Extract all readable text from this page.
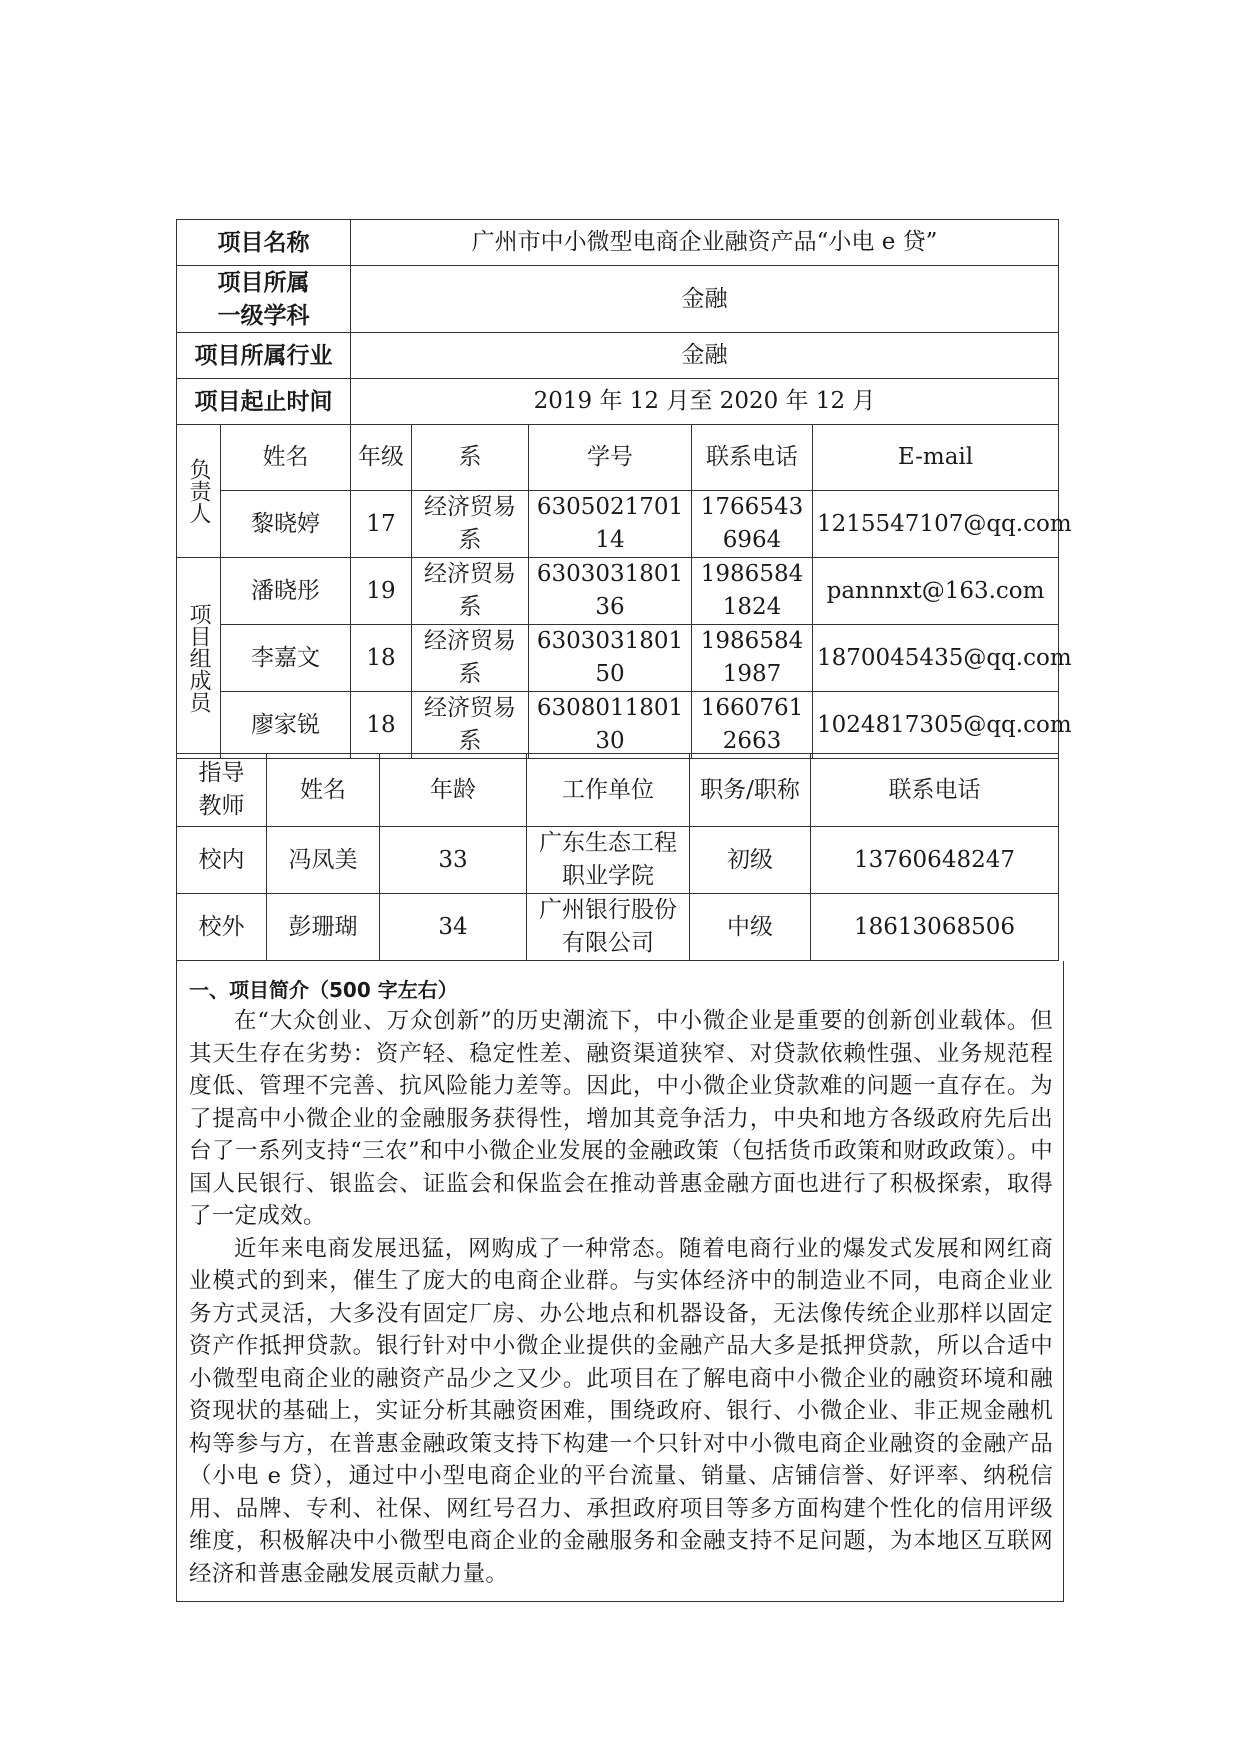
项目名称		广州市中小微型电商企业融资产品“小电 e 贷”				

项目所属
一级学科		金融				
项目所属行业		金融				
项目起止时间		2019 年 12 月至 2020 年 12 月				

负责人	姓名	年级	系	学号	联系电话	E-mail
	黎晓婷	17	经济贸易系	630502170114	17665436964	1215547107@qq.com

项目组成员	潘晓彤	19	经济贸易系	630303180136	19865841824	pannnxt@163.com
	李嘉文	18	经济贸易系	630303180150	19865841987	1870045435@qq.com
	廖家锐	18	经济贸易系	630801180130	16607612663	1024817305@qq.com
指导教师	姓名	年龄	工作单位	职务/职称	联系电话
校内	冯凤美	33	广东生态工程职业学院	初级	13760648247
校外	彭珊瑚	34	广州银行股份有限公司	中级	18613068506
一、项目简介（500 字左右）

在“大众创业、万众创新”的历史潮流下，中小微企业是重要的创新创业载体。但其天生存在劣势：资产轻、稳定性差、融资渠道狭窄、对贷款依赖性强、业务规范程度低、管理不完善、抗风险能力差等。因此，中小微企业贷款难的问题一直存在。为了提高中小微企业的金融服务获得性，增加其竞争活力，中央和地方各级政府先后出台了一系列支持“三农”和中小微企业发展的金融政策（包括货币政策和财政政策）。中国人民银行、银监会、证监会和保监会在推动普惠金融方面也进行了积极探索，取得了一定成效。

近年来电商发展迅猛，网购成了一种常态。随着电商行业的爆发式发展和网红商业模式的到来，催生了庞大的电商企业群。与实体经济中的制造业不同，电商企业业务方式灵活，大多没有固定厂房、办公地点和机器设备，无法像传统企业那样以固定资产作抵押贷款。银行针对中小微企业提供的金融产品大多是抵押贷款，所以合适中小微型电商企业的融资产品少之又少。此项目在了解电商中小微企业的融资环境和融资现状的基础上，实证分析其融资困难，围绕政府、银行、小微企业、非正规金融机构等参与方，在普惠金融政策支持下构建一个只针对中小微电商企业融资的金融产品（小电 e 贷），通过中小型电商企业的平台流量、销量、店铺信誉、好评率、纳税信用、品牌、专利、社保、网红号召力、承担政府项目等多方面构建个性化的信用评级维度，积极解决中小微型电商企业的金融服务和金融支持不足问题，为本地区互联网经济和普惠金融发展贡献力量。
